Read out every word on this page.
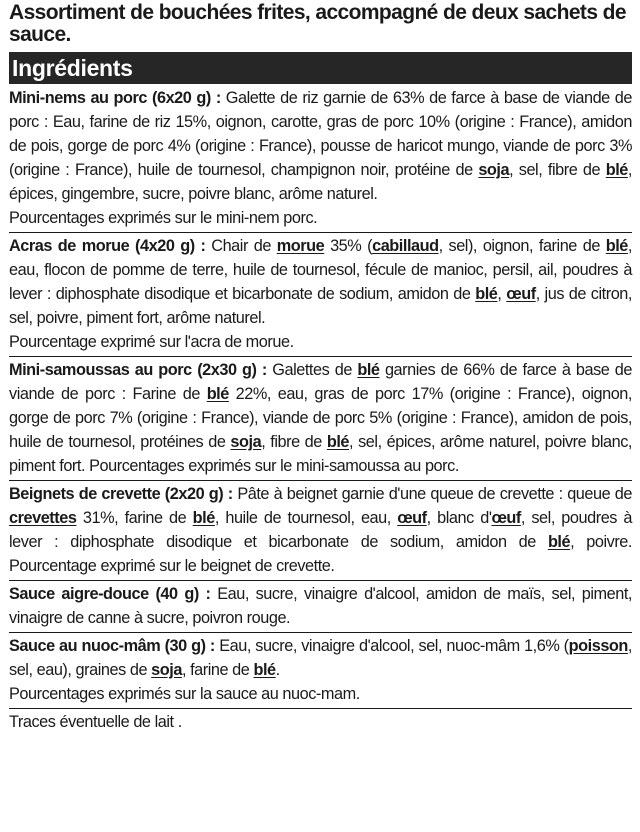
Assortiment de bouchées frites, accompagné de deux sachets de sauce.
Ingrédients

Mini-nems au porc (6x20 g) : Galette de riz garnie de 63% de farce à base de viande de porc : Eau, farine de riz 15%, oignon, carotte, gras de porc 10% (origine : France), amidon de pois, gorge de porc 4% (origine : France), pousse de haricot mungo, viande de porc 3% (origine : France), huile de tournesol, champignon noir, protéine de soja, sel, fibre de blé, épices, gingembre, sucre, poivre blanc, arôme naturel.

Pourcentages exprimés sur le mini-nem porc.

Acras de morue (4x20 g) : Chair de morue 35% (cabillaud, sel), oignon, farine de blé, eau, flocon de pomme de terre, huile de tournesol, fécule de manioc, persil, ail, poudres à lever : diphosphate disodique et bicarbonate de sodium, amidon de blé, œuf, jus de citron, sel, poivre, piment fort, arôme naturel.

Pourcentage exprimé sur l'acra de morue.

Mini-samoussas au porc (2x30 g) : Galettes de blé garnies de 66% de farce à base de viande de porc : Farine de blé 22%, eau, gras de porc 17% (origine : France), oignon, gorge de porc 7% (origine : France), viande de porc 5% (origine : France), amidon de pois, huile de tournesol, protéines de soja, fibre de blé, sel, épices, arôme naturel, poivre blanc, piment fort. Pourcentages exprimés sur le mini-samoussa au porc.

Beignets de crevette (2x20 g) : Pâte à beignet garnie d'une queue de crevette : queue de crevettes 31%, farine de blé, huile de tournesol, eau, œuf, blanc d'œuf, sel, poudres à lever : diphosphate disodique et bicarbonate de sodium, amidon de blé, poivre. Pourcentage exprimé sur le beignet de crevette.

Sauce aigre-douce (40 g) : Eau, sucre, vinaigre d'alcool, amidon de maïs, sel, piment, vinaigre de canne à sucre, poivron rouge.

Sauce au nuoc-mâm (30 g) : Eau, sucre, vinaigre d'alcool, sel, nuoc-mâm 1,6% (poisson, sel, eau), graines de soja, farine de blé.

Pourcentages exprimés sur la sauce au nuoc-mam.

Traces éventuelle de lait .
